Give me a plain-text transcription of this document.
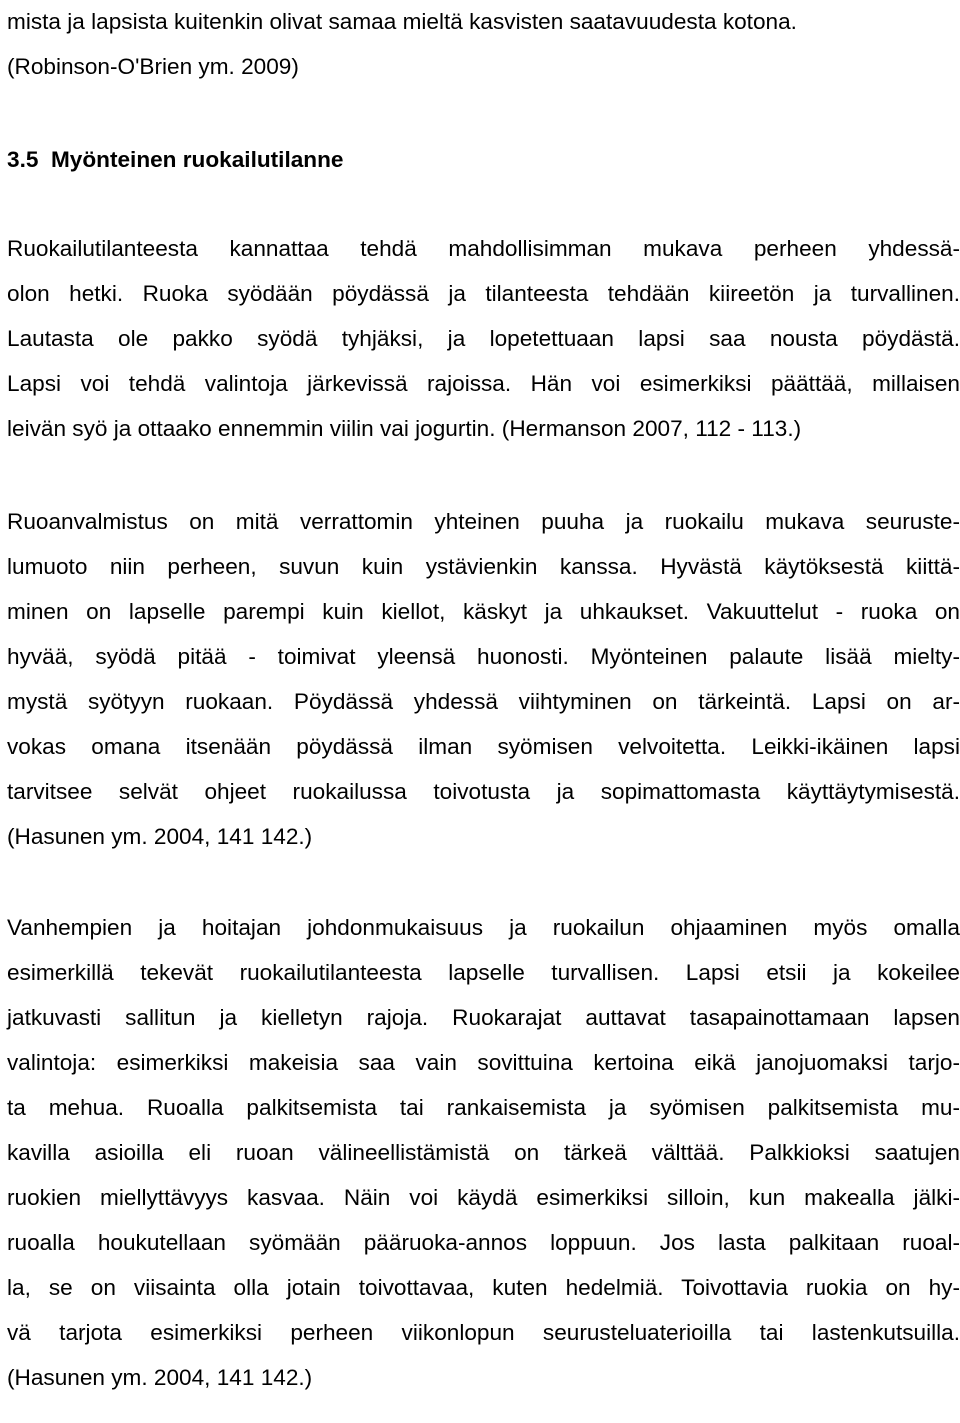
mista ja lapsista kuitenkin olivat samaa mieltä kasvisten saatavuudesta kotona.
(Robinson-O'Brien ym. 2009)
3.5  Myönteinen ruokailutilanne
Ruokailutilanteesta kannattaa tehdä mahdollisimman mukava perheen yhdessä-
olon hetki. Ruoka syödään pöydässä ja tilanteesta tehdään kiireetön ja turvallinen.
Lautasta ole pakko syödä tyhjäksi, ja lopetettuaan lapsi saa nousta pöydästä.
Lapsi voi tehdä valintoja järkevissä rajoissa. Hän voi esimerkiksi päättää, millaisen
leivän syö ja ottaako ennemmin viilin vai jogurtin. (Hermanson 2007, 112 - 113.)
Ruoanvalmistus on mitä verrattomin yhteinen puuha ja ruokailu mukava seuruste-
lumuoto niin perheen, suvun kuin ystävienkin kanssa. Hyvästä käytöksestä kiittä-
minen on lapselle parempi kuin kiellot, käskyt ja uhkaukset. Vakuuttelut - ruoka on
hyvää, syödä pitää - toimivat yleensä huonosti. Myönteinen palaute lisää mielty-
mystä syötyyn ruokaan. Pöydässä yhdessä viihtyminen on tärkeintä. Lapsi on ar-
vokas omana itsenään pöydässä ilman syömisen velvoitetta. Leikki-ikäinen lapsi
tarvitsee selvät ohjeet ruokailussa toivotusta ja sopimattomasta käyttäytymisestä.
(Hasunen ym. 2004, 141 142.)
Vanhempien ja hoitajan johdonmukaisuus ja ruokailun ohjaaminen myös omalla
esimerkillä tekevät ruokailutilanteesta lapselle turvallisen. Lapsi etsii ja kokeilee
jatkuvasti sallitun ja kielletyn rajoja. Ruokarajat auttavat tasapainottamaan lapsen
valintoja: esimerkiksi makeisia saa vain sovittuina kertoina eikä janojuomaksi tarjo-
ta mehua. Ruoalla palkitsemista tai rankaisemista ja syömisen palkitsemista mu-
kavilla asioilla eli ruoan välineellistämistä on tärkeä välttää. Palkkioksi saatujen
ruokien miellyttävyys kasvaa. Näin voi käydä esimerkiksi silloin, kun makealla jälki-
ruoalla houkutellaan syömään pääruoka-annos loppuun. Jos lasta palkitaan ruoal-
la, se on viisainta olla jotain toivottavaa, kuten hedelmiä. Toivottavia ruokia on hy-
vä tarjota esimerkiksi perheen viikonlopun seurusteluaterioilla tai lastenkutsuilla.
(Hasunen ym. 2004, 141 142.)
